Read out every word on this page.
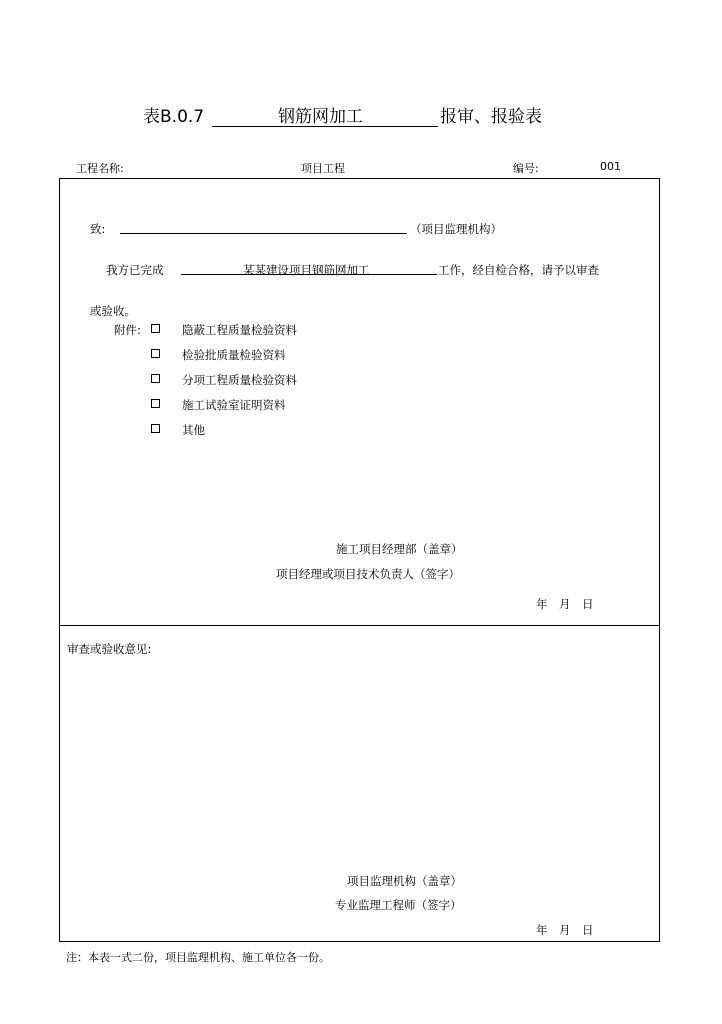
表B.0.7	钢筋网加工	报审、报验表
工程名称:	项目工程	编号:	001
致:	（项目监理机构）
我方已完成	某某建设项目钢筋网加工	工作，经自检合格，请予以审查
或验收。
附件:	隐蔽工程质量检验资料
检验批质量检验资料
分项工程质量检验资料
施工试验室证明资料
其他
施工项目经理部（盖章）
项目经理或项目技术负责人（签字）
年　月　日
审查或验收意见:
项目监理机构（盖章）
专业监理工程师（签字）
年　月　日
注：本表一式二份，项目监理机构、施工单位各一份。
